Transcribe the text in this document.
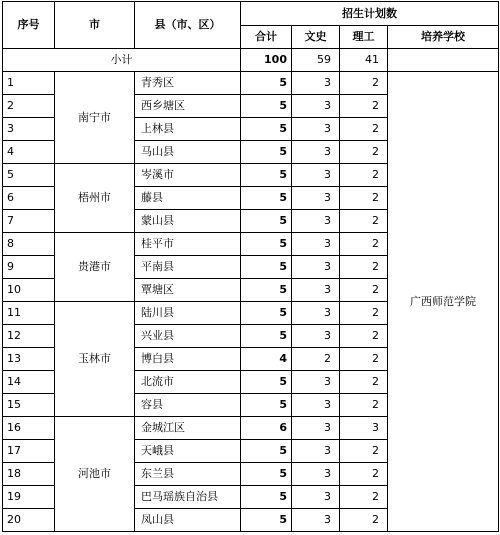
序号	市	县（市、区）	招生计划数			
			合计	文史	理工	培养学校
小计			100	59	41	
1	南宁市	青秀区	5	3	2	广西师范学院
2		西乡塘区	5	3	2	
3		上林县	5	3	2	
4		马山县	5	3	2	
5	梧州市	岑溪市	5	3	2	
6		藤县	5	3	2	
7		蒙山县	5	3	2	
8	贵港市	桂平市	5	3	2	
9		平南县	5	3	2	
10		覃塘区	5	3	2	
11	玉林市	陆川县	5	3	2	
12		兴业县	5	3	2	
13		博白县	4	2	2	
14		北流市	5	3	2	
15		容县	5	3	2	
16	河池市	金城江区	6	3	3	
17		天峨县	5	3	2	
18		东兰县	5	3	2	
19		巴马瑶族自治县	5	3	2	
20		凤山县	5	3	2	
